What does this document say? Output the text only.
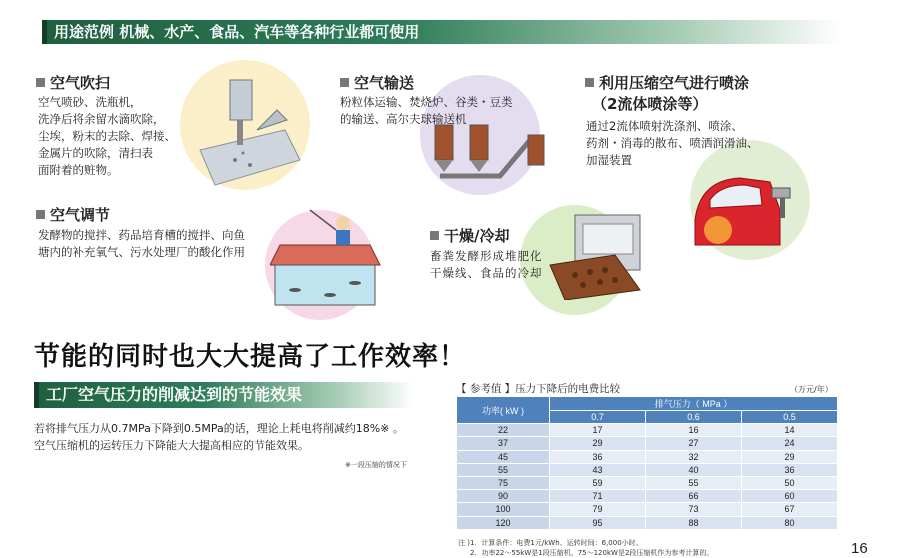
用途范例 机械、水产、食品、汽车等各种行业都可使用
空气吹扫
空气喷砂、洗瓶机，
洗净后将余留水滴吹除，
尘埃，粉末的去除、焊接、
金属片的吹除，清扫表
面附着的赃物。
空气输送
粉粒体运输、焚烧炉、谷类・豆类
的输送、高尔夫球输送机
利用压缩空气进行喷涂
（2流体喷涂等）
通过2流体喷射洗涤剂、喷涂、
药剂・消毒的散布、喷洒润滑油、
加湿装置
空气调节
发酵物的搅拌、药品培育槽的搅拌、向鱼
塘内的补充氧气、污水处理厂的酸化作用
干燥/冷却
畜粪发酵形成堆肥化
干燥线、食品的冷却
节能的同时也大大提高了工作效率！
工厂空气压力的削减达到的节能效果
若将排气压力从0.7MPa下降到0.5MPa的话，理论上耗电将削减约18%※ 。
空气压缩机的运转压力下降能大大提高相应的节能效果。
※一段压缩的情况下
【 参考值 】压力下降后的电费比较	（万元/年）
功率( kW )	排气压力（ MPa ）		
	0.7	0.6	0.5
22	17	16	14
37	29	27	24
45	36	32	29
55	43	40	36
75	59	55	50
90	71	66	60
100	79	73	67
120	95	88	80
注 )1．计算条件：电费1元/kWh、运转时间：6,000小时。
2．功率22～55kW是1段压缩机、75～120kW是2段压缩机作为参考计算的。	16
